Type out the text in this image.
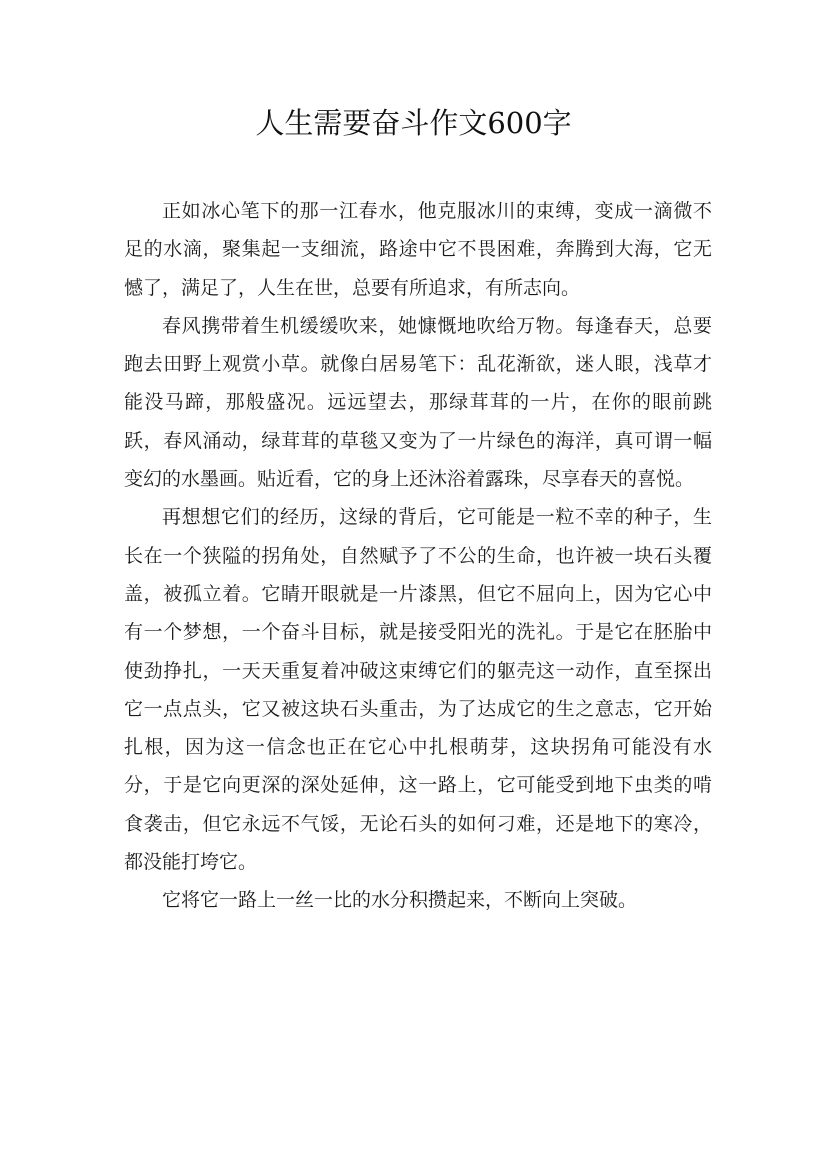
人生需要奋斗作文600字

正如冰心笔下的那一江春水，他克服冰川的束缚，变成一滴微不足的水滴，聚集起一支细流，路途中它不畏困难，奔腾到大海，它无憾了，满足了，人生在世，总要有所追求，有所志向。

春风携带着生机缓缓吹来，她慷慨地吹给万物。每逢春天，总要跑去田野上观赏小草。就像白居易笔下：乱花渐欲，迷人眼，浅草才能没马蹄，那般盛况。远远望去，那绿茸茸的一片，在你的眼前跳跃，春风涌动，绿茸茸的草毯又变为了一片绿色的海洋，真可谓一幅变幻的水墨画。贴近看，它的身上还沐浴着露珠，尽享春天的喜悦。

再想想它们的经历，这绿的背后，它可能是一粒不幸的种子，生长在一个狭隘的拐角处，自然赋予了不公的生命，也许被一块石头覆盖，被孤立着。它睛开眼就是一片漆黑，但它不屈向上，因为它心中有一个梦想，一个奋斗目标，就是接受阳光的洗礼。于是它在胚胎中使劲挣扎，一天天重复着冲破这束缚它们的躯壳这一动作，直至探出它一点点头，它又被这块石头重击，为了达成它的生之意志，它开始扎根，因为这一信念也正在它心中扎根萌芽，这块拐角可能没有水分，于是它向更深的深处延伸，这一路上，它可能受到地下虫类的啃食袭击，但它永远不气馁，无论石头的如何刁难，还是地下的寒冷，都没能打垮它。

它将它一路上一丝一比的水分积攒起来，不断向上突破。
